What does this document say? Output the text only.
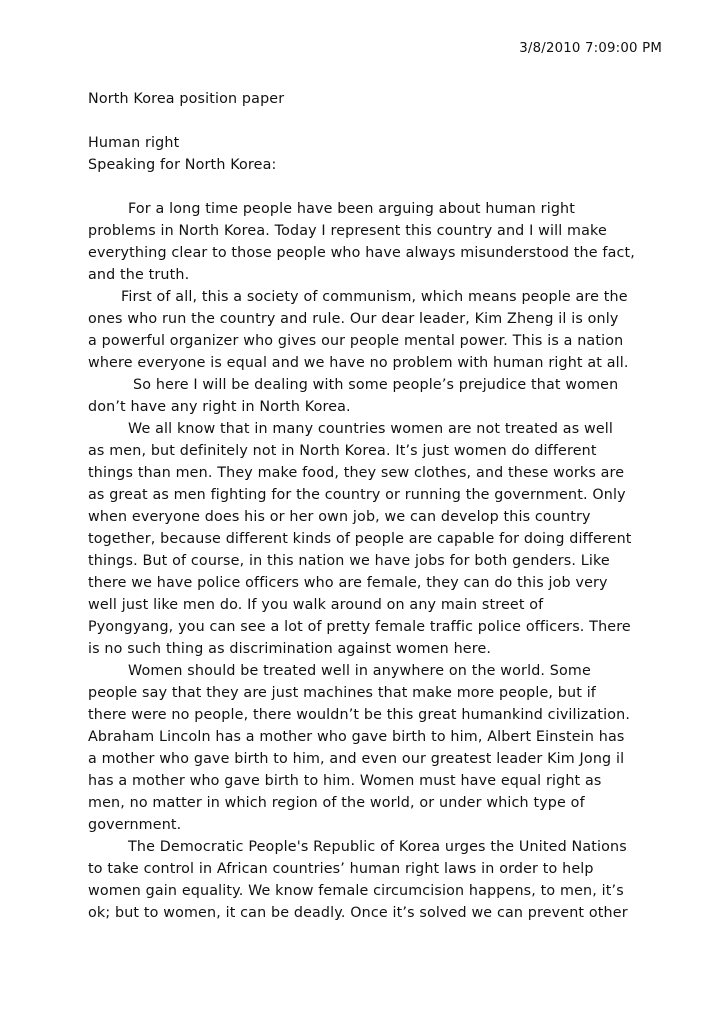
3/8/2010 7:09:00 PM

North Korea position paper

Human right

Speaking for North Korea:

For a long time people have been arguing about human right

problems in North Korea. Today I represent this country and I will make

everything clear to those people who have always misunderstood the fact,

and the truth.

First of all, this a society of communism, which means people are the

ones who run the country and rule. Our dear leader, Kim Zheng il is only

a powerful organizer who gives our people mental power. This is a nation

where everyone is equal and we have no problem with human right at all.

So here I will be dealing with some people’s prejudice that women

don’t have any right in North Korea.

We all know that in many countries women are not treated as well

as men, but definitely not in North Korea. It’s just women do different

things than men. They make food, they sew clothes, and these works are

as great as men fighting for the country or running the government. Only

when everyone does his or her own job, we can develop this country

together, because different kinds of people are capable for doing different

things. But of course, in this nation we have jobs for both genders. Like

there we have police officers who are female, they can do this job very

well just like men do. If you walk around on any main street of

Pyongyang, you can see a lot of pretty female traffic police officers. There

is no such thing as discrimination against women here.

Women should be treated well in anywhere on the world. Some

people say that they are just machines that make more people, but if

there were no people, there wouldn’t be this great humankind civilization.

Abraham Lincoln has a mother who gave birth to him, Albert Einstein has

a mother who gave birth to him, and even our greatest leader Kim Jong il

has a mother who gave birth to him. Women must have equal right as

men, no matter in which region of the world, or under which type of

government.

The Democratic People's Republic of Korea urges the United Nations

to take control in African countries’ human right laws in order to help

women gain equality. We know female circumcision happens, to men, it’s

ok; but to women, it can be deadly. Once it’s solved we can prevent other
